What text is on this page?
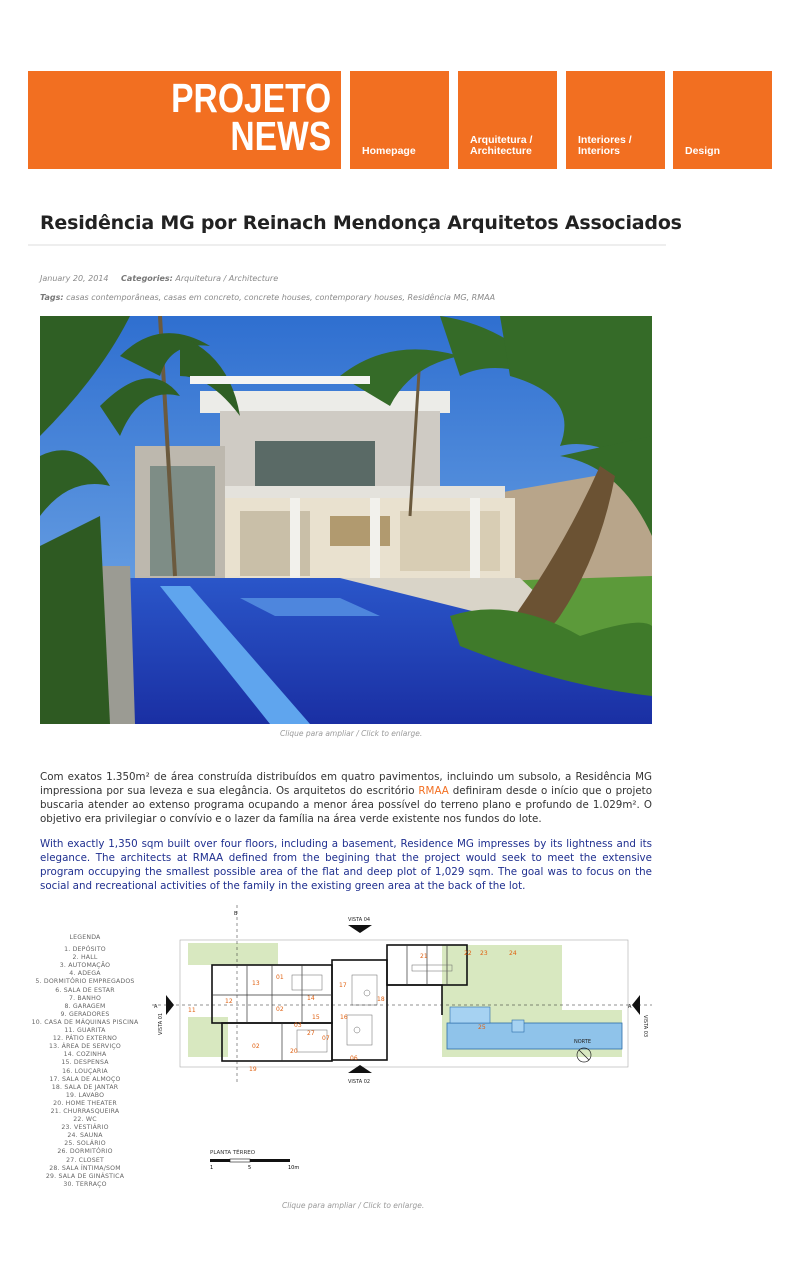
PROJETO
NEWS	Homepage
Arquitetura /
Architecture
Interiores /
Interiors	Design
Residência MG por Reinach Mendonça Arquitetos Associados
January 20, 2014 Categories: Arquitetura / Architecture
Tags: casas contemporâneas, casas em concreto, concrete houses, contemporary houses, Residência MG, RMAA
Clique para ampliar / Click to enlarge.

Com exatos 1.350m² de área construída distribuídos em quatro pavimentos, incluindo um subsolo, a Residência MG impressiona por sua leveza e sua elegância. Os arquitetos do escritório RMAA definiram desde o início que o projeto buscaria atender ao extenso programa ocupando a menor área possível do terreno plano e profundo de 1.029m². O objetivo era privilegiar o convívio e o lazer da família na área verde existente nos fundos do lote.

With exactly 1,350 sqm built over four floors, including a basement, Residence MG impresses by its lightness and its elegance. The architects at RMAA defined from the begining that the project would seek to meet the extensive program occupying the smallest possible area of the flat and deep plot of 1,029 sqm. The goal was to focus on the social and recreational activities of the family in the existing green area at the back of the lot.

LEGENDA
1. DEPÓSITO
2. HALL
3. AUTOMAÇÃO
4. ADEGA
5. DORMITÓRIO EMPREGADOS
6. SALA DE ESTAR
7. BANHO
8. GARAGEM
9. GERADORES
10. CASA DE MÁQUINAS PISCINA
11. GUARITA
12. PÁTIO EXTERNO
13. ÁREA DE SERVIÇO
14. COZINHA
15. DESPENSA
16. LOUÇARIA
17. SALA DE ALMOÇO
18. SALA DE JANTAR
19. LAVABO
20. HOME THEATER
21. CHURRASQUEIRA
22. WC
23. VESTIÁRIO
24. SAUNA
25. SOLÁRIO
26. DORMITÓRIO
27. CLOSET
28. SALA ÍNTIMA/SOM
29. SALA DE GINÁSTICA
30. TERRAÇO
13
01
17
14
12
11	02
15	16
18
27
02
20
06
19
21	22 23	24
25
07
03
VISTA 04
VISTA 02
VISTA 01	VISTA 03
A	A
B
NORTE
PLANTA TÉRREO
1	5	10m
Clique para ampliar / Click to enlarge.
